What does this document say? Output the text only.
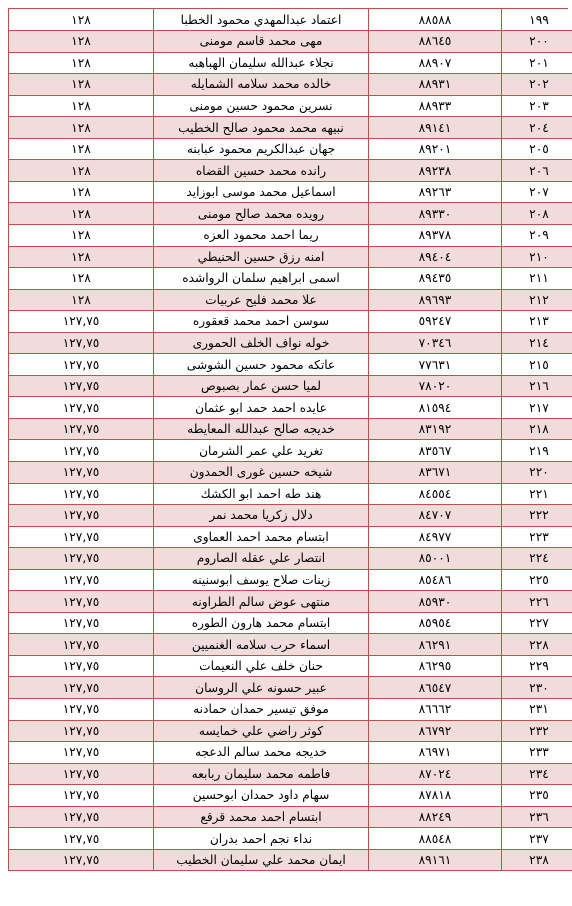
١٢٨	اعتماد عبدالمهدي محمود الخطبا	٨٨٥٨٨	١٩٩
١٢٨	مهى محمد قاسم مومنى	٨٨٦٤٥	٢٠٠
١٢٨	نجلاء عبدالله سليمان الهباهبه	٨٨٩٠٧	٢٠١
١٢٨	خالده محمد سلامه الشمايله	٨٨٩٣١	٢٠٢
١٢٨	نسرين محمود حسين مومنى	٨٨٩٣٣	٢٠٣
١٢٨	نبيهه محمد محمود صالح الخطيب	٨٩١٤١	٢٠٤
١٢٨	جهان عبدالكريم محمود عبابنه	٨٩٢٠١	٢٠٥
١٢٨	رانده محمد حسين القضاه	٨٩٢٣٨	٢٠٦
١٢٨	اسماعيل محمد موسى ابوزايد	٨٩٢٦٣	٢٠٧
١٢٨	رويده محمد صالح مومنى	٨٩٣٣٠	٢٠٨
١٢٨	ريما احمد محمود العزه	٨٩٣٧٨	٢٠٩
١٢٨	امنه رزق حسين الحنيطي	٨٩٤٠٤	٢١٠
١٢٨	اسمى ابراهيم سلمان الرواشده	٨٩٤٣٥	٢١١
١٢٨	علا محمد فليح عربيات	٨٩٦٩٣	٢١٢
١٢٧,٧٥	سوسن احمد محمد قعقوره	٥٩٢٤٧	٢١٣
١٢٧,٧٥	خوله نواف الخلف الحمورى	٧٠٣٤٦	٢١٤
١٢٧,٧٥	عاتكه محمود حسين الشوشى	٧٧٦٣١	٢١٥
١٢٧,٧٥	لميا حسن عمار بصبوص	٧٨٠٢٠	٢١٦
١٢٧,٧٥	عايده احمد حمد ابو عثمان	٨١٥٩٤	٢١٧
١٢٧,٧٥	خديجه صالح عبدالله المعايطه	٨٣١٩٢	٢١٨
١٢٧,٧٥	تغريد علي عمر الشرمان	٨٣٥٦٧	٢١٩
١٢٧,٧٥	شيخه حسين غورى الحمدون	٨٣٦٧١	٢٢٠
١٢٧,٧٥	هند طه احمد ابو الكشك	٨٤٥٥٤	٢٢١
١٢٧,٧٥	دلال زكريا محمد نمر	٨٤٧٠٧	٢٢٢
١٢٧,٧٥	ابتسام محمد احمد العماوى	٨٤٩٧٧	٢٢٣
١٢٧,٧٥	انتصار علي عقله الصاروم	٨٥٠٠١	٢٢٤
١٢٧,٧٥	زينات صلاح يوسف ابوسنينه	٨٥٤٨٦	٢٢٥
١٢٧,٧٥	منتهى عوض سالم الطراونه	٨٥٩٣٠	٢٢٦
١٢٧,٧٥	ابتسام محمد هارون الطوره	٨٥٩٥٤	٢٢٧
١٢٧,٧٥	اسماء حرب سلامه الغنميين	٨٦٢٩١	٢٢٨
١٢٧,٧٥	حنان خلف علي النعيمات	٨٦٢٩٥	٢٢٩
١٢٧,٧٥	عبير حسونه علي الروسان	٨٦٥٤٧	٢٣٠
١٢٧,٧٥	موفق تيسير حمدان حمادنه	٨٦٦٦٢	٢٣١
١٢٧,٧٥	كوثر راضي علي خمايسه	٨٦٧٩٢	٢٣٢
١٢٧,٧٥	خديجه محمد سالم الدعجه	٨٦٩٧١	٢٣٣
١٢٧,٧٥	فاطمه محمد سليمان ربابعه	٨٧٠٢٤	٢٣٤
١٢٧,٧٥	سهام داود حمدان ابوحسين	٨٧٨١٨	٢٣٥
١٢٧,٧٥	ابتسام احمد محمد قرقع	٨٨٢٤٩	٢٣٦
١٢٧,٧٥	نداء نجم احمد بدران	٨٨٥٤٨	٢٣٧
١٢٧,٧٥	ايمان محمد علي سليمان الخطيب	٨٩١٦١	٢٣٨
